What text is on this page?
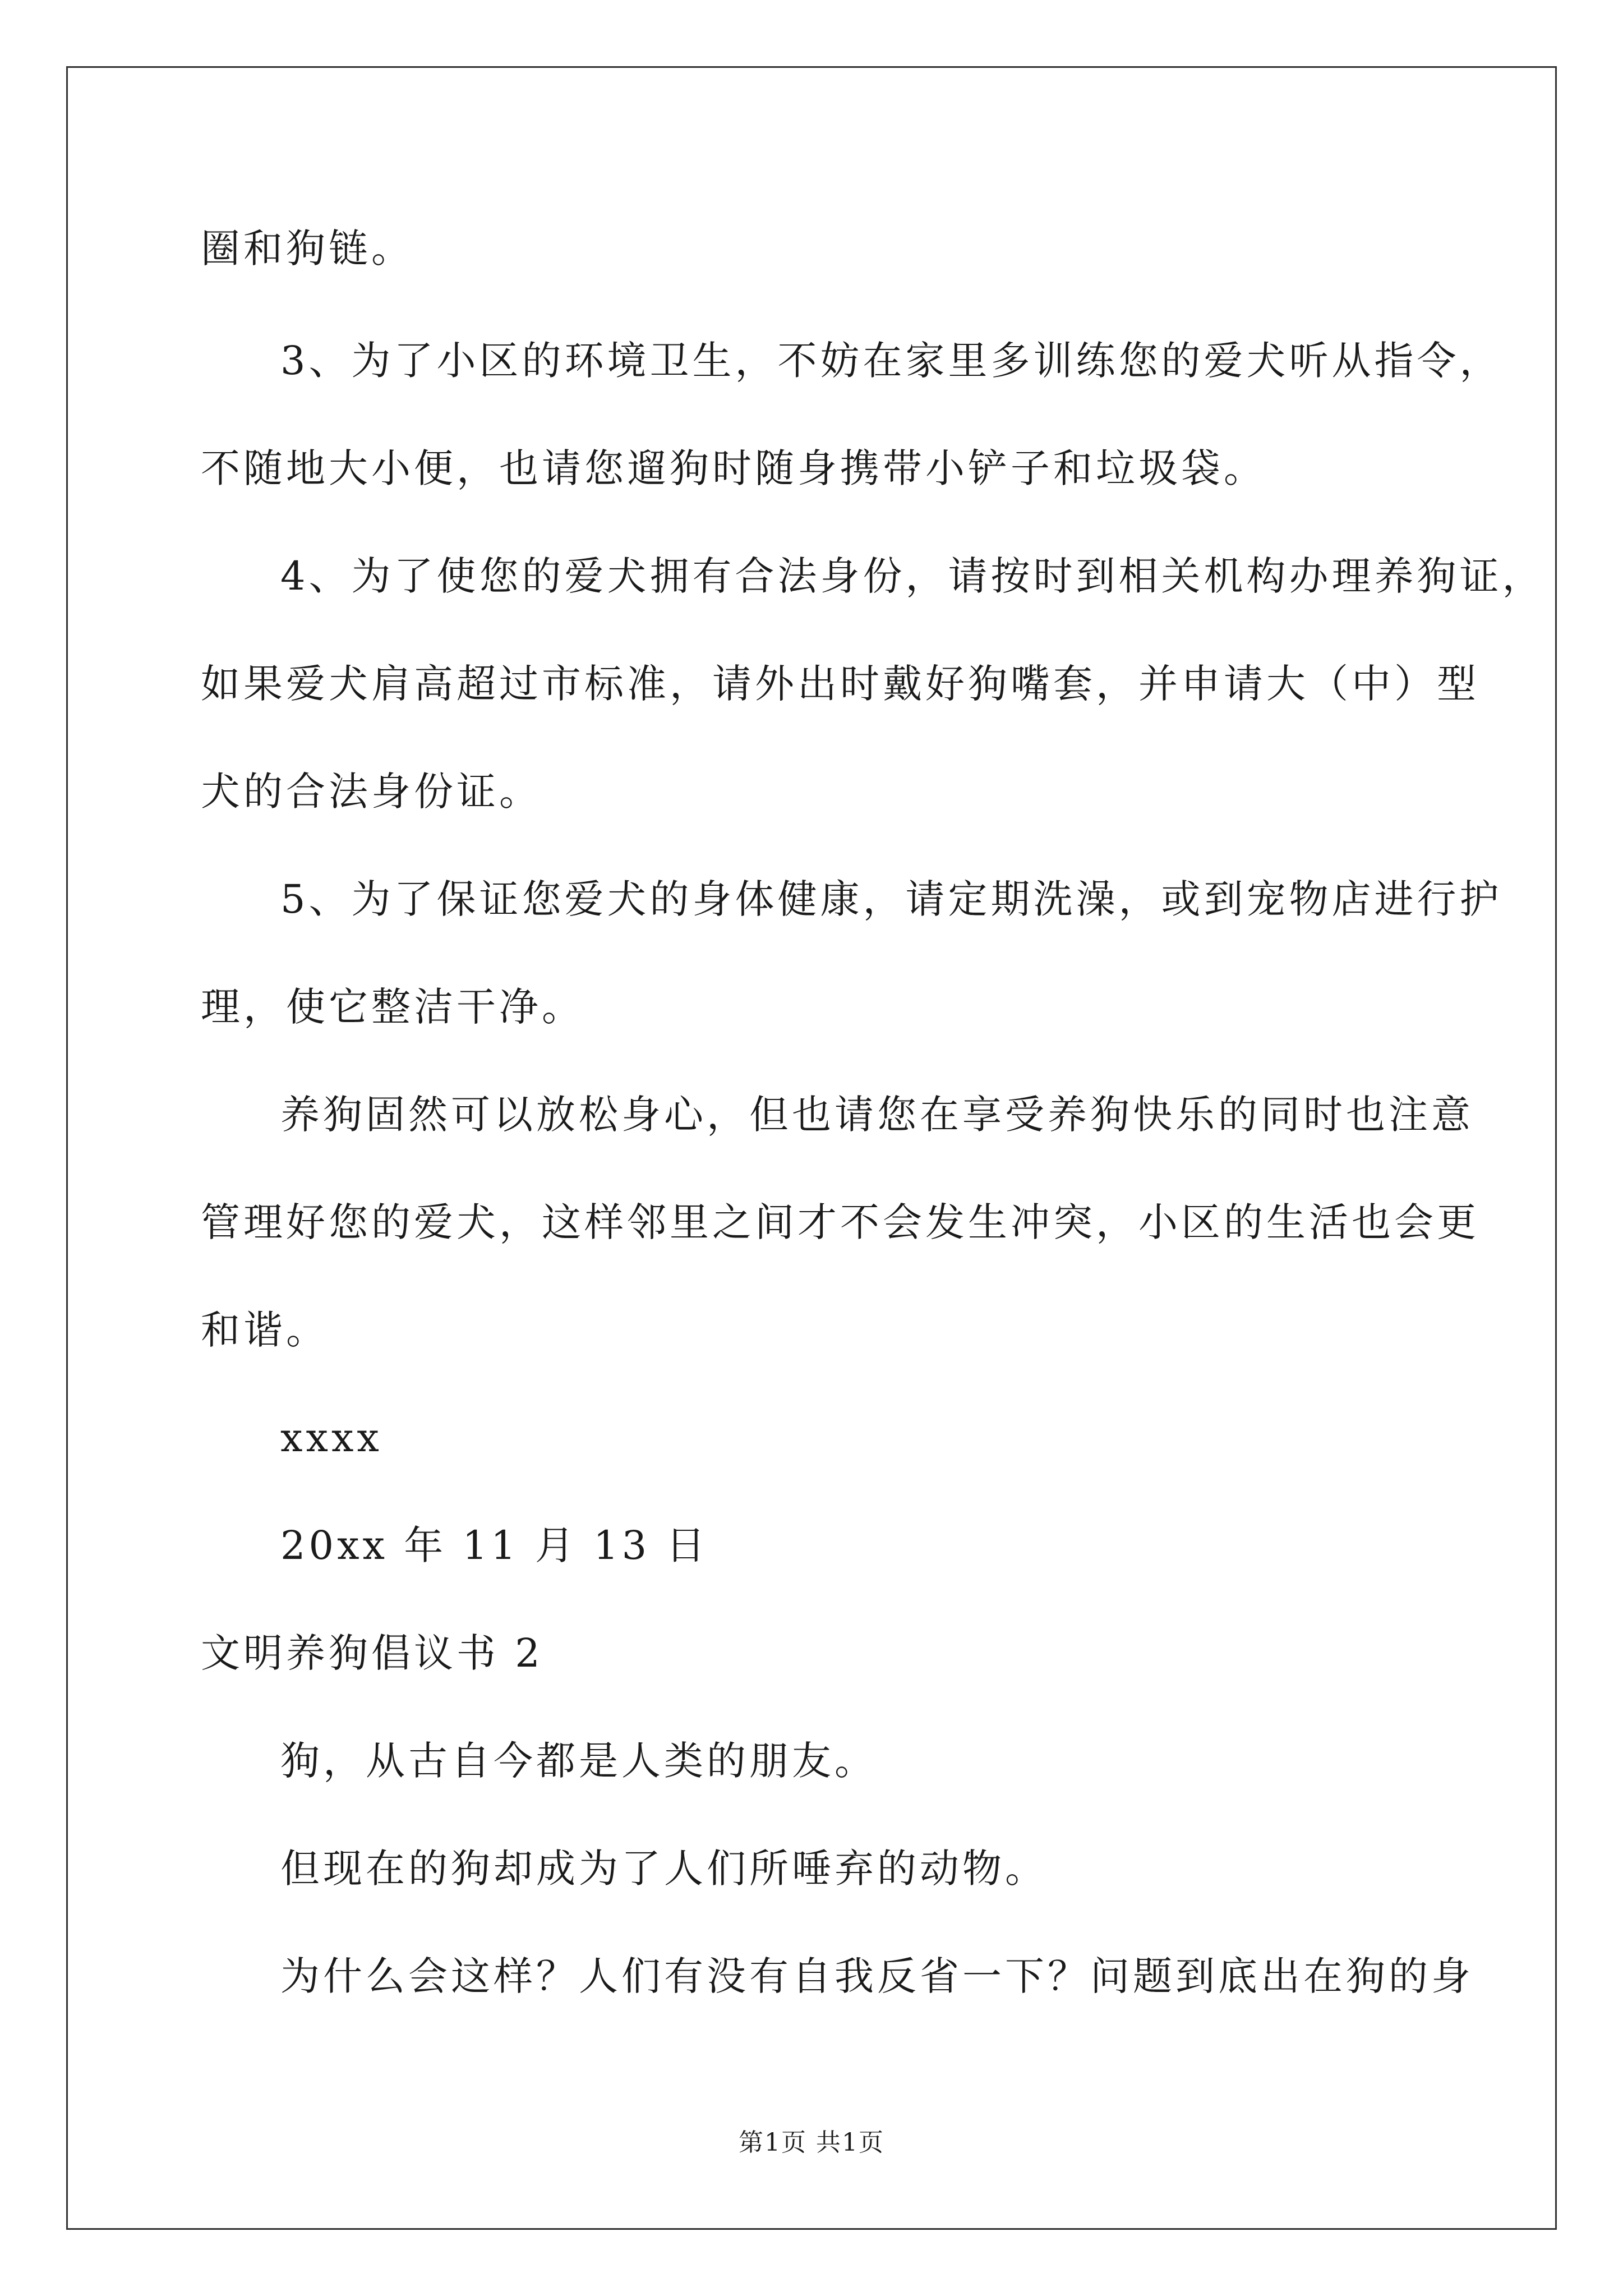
圈和狗链。
3、为了小区的环境卫生，不妨在家里多训练您的爱犬听从指令，
不随地大小便，也请您遛狗时随身携带小铲子和垃圾袋。
4、为了使您的爱犬拥有合法身份，请按时到相关机构办理养狗证，
如果爱犬肩高超过市标准，请外出时戴好狗嘴套，并申请大（中）型
犬的合法身份证。
5、为了保证您爱犬的身体健康，请定期洗澡，或到宠物店进行护
理，使它整洁干净。
养狗固然可以放松身心，但也请您在享受养狗快乐的同时也注意
管理好您的爱犬，这样邻里之间才不会发生冲突，小区的生活也会更
和谐。
xxxx
20xx 年 11 月 13 日
文明养狗倡议书 2
狗，从古自今都是人类的朋友。
但现在的狗却成为了人们所唾弃的动物。
为什么会这样？人们有没有自我反省一下？问题到底出在狗的身
第1页 共1页
